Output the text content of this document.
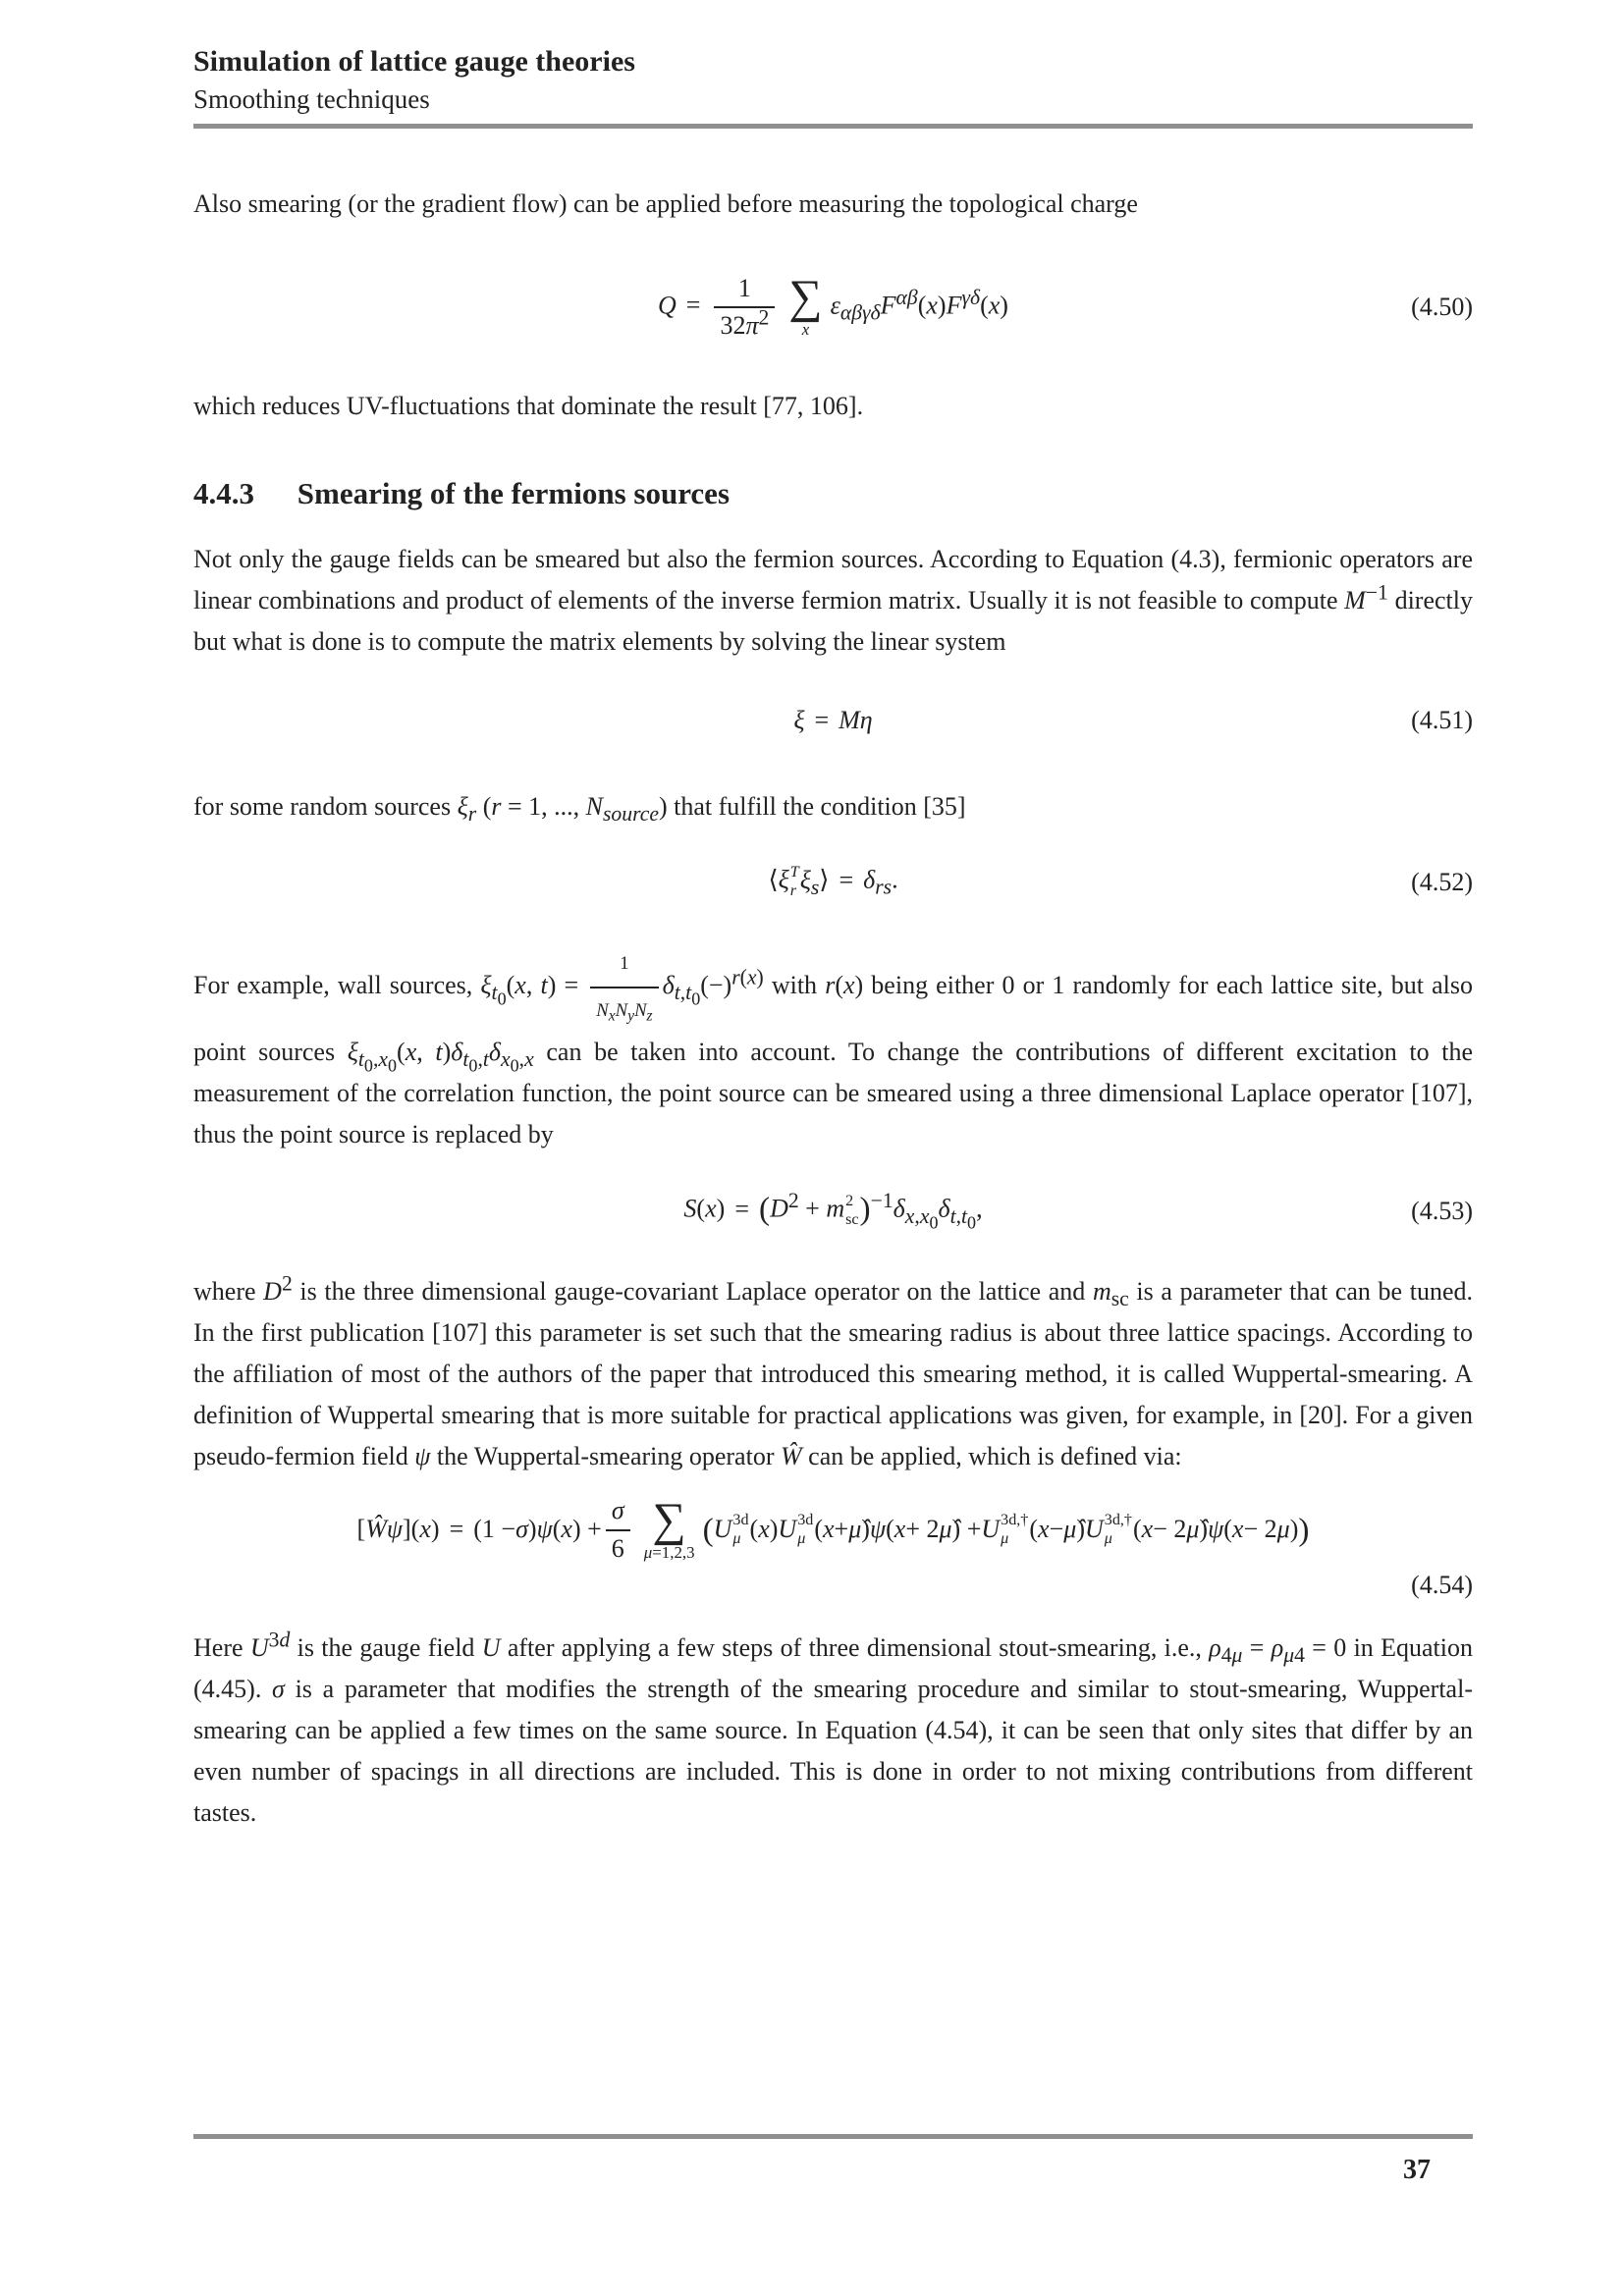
Simulation of lattice gauge theories
Smoothing techniques

Also smearing (or the gradient flow) can be applied before measuring the topological charge

$Q = \frac{1}{32\pi^2}$ ∑
x
$\varepsilon_{\alpha\beta\gamma\delta}F^{\alpha\beta}(x)F^{\gamma\delta}(x)$	(4.50)

which reduces UV-fluctuations that dominate the result [77, 106].

4.4.3 Smearing of the fermions sources

Not only the gauge fields can be smeared but also the fermion sources. According to Equation (4.3), fermionic operators are linear combinations and product of elements of the inverse fermion matrix. Usually it is not feasible to compute $M^{-1}$ directly but what is done is to compute the matrix elements by solving the linear system

ξ = Mη	(4.51)

for some random sources $\xi_r$ (r = 1, ..., $N_{source}$) that fulfill the condition [35]

⟨ξ T
r $\xi_s⟩ = \delta_{rs}$.	(4.52)

For example, wall sources, $\xi_{t_0}(x$, $t) = \frac{1}{N_xN_yN_z} \delta_{t,t_0}(-)^{r(x)}$ with r(x) being either 0 or 1 randomly for each lattice site, but also point sources $\xi_{t_0,x_0}(x$, $t)\delta_{t_0,t}\delta_{x_0,x}$ can be taken into account. To change the contributions of different excitation to the measurement of the correlation function, the point source can be smeared using a three dimensional Laplace operator [107], thus the point source is replaced by

$S(x) = (D^2 + m$ 2
sc )$^{-1}\delta_{x,x_0}\delta_{t,t_0}$,	(4.53)

where $D^2$ is the three dimensional gauge-covariant Laplace operator on the lattice and $m_{sc}$ is a parameter that can be tuned. In the first publication [107] this parameter is set such that the smearing radius is about three lattice spacings. According to the affiliation of most of the authors of the paper that introduced this smearing method, it is called Wuppertal-smearing. A definition of Wuppertal smearing that is more suitable for practical applications was given, for example, in [20]. For a given pseudo-fermion field ψ the Wuppertal-smearing operator Ŵ can be applied, which is defined via:

[ Ŵψ ]( x ) = (1 − σ ) ψ ( x ) + $\frac{\sigma}{6}$ ∑
μ=1,2,3
( U 3d
μ ( x ) U 3d
μ ( x + μ̂ ) ψ ( x + 2 μ̂ ) + U 3d,†
μ ( x − μ̂ ) U 3d,†
μ ( x − 2 μ̂ ) ψ ( x − 2 μ ) )
(4.54)

Here $U^{3d}$ is the gauge field U after applying a few steps of three dimensional stout-smearing, i.e., $\rho_{4\mu} = \rho_{\mu 4} = 0$ in Equation (4.45). σ is a parameter that modifies the strength of the smearing procedure and similar to stout-smearing, Wuppertal-smearing can be applied a few times on the same source. In Equation (4.54), it can be seen that only sites that differ by an even number of spacings in all directions are included. This is done in order to not mixing contributions from different tastes.

37
